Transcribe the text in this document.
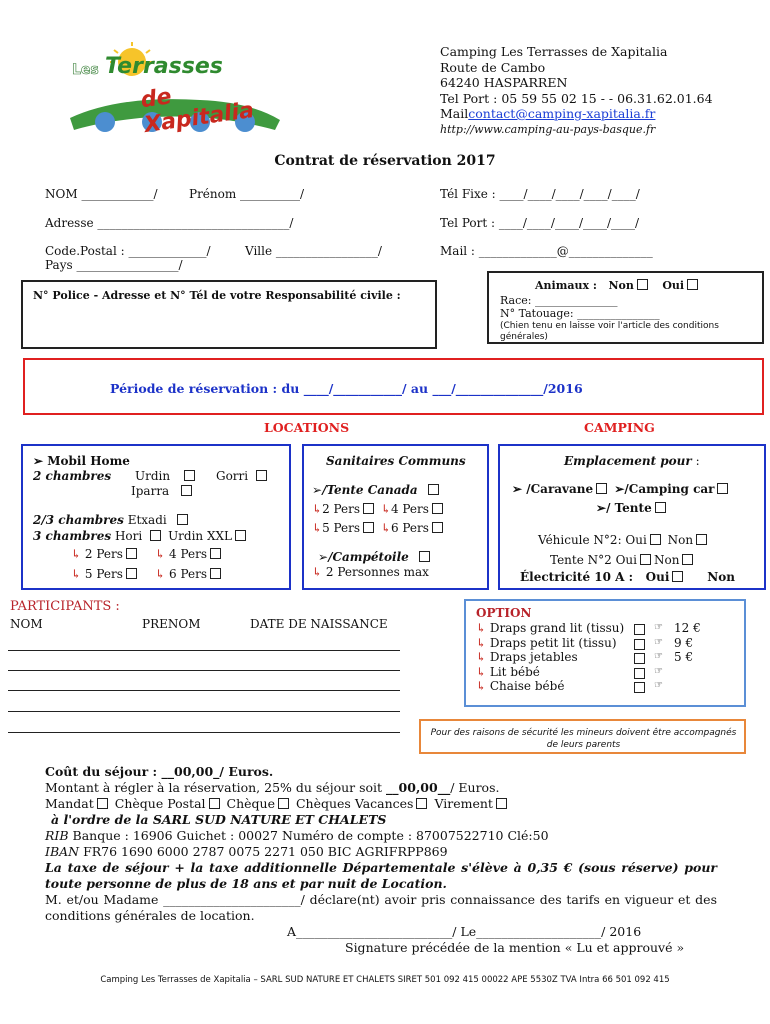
Les Terrasses
de Xapitalia
Camping Les Terrasses de Xapitalia
Route de Cambo
64240 HASPARREN
Tel Port : 05 59 55 02 15 - - 06.31.62.01.64
Mailcontact@camping-xapitalia.fr
http://www.camping-au-pays-basque.fr
Contrat de réservation 2017
NOM ____________/	Prénom __________/
Adresse ________________________________/
Code.Postal : _____________/	Ville _________________/
Pays _________________/
Tél Fixe : ____/____/____/____/____/
Tel Port : ____/____/____/____/____/
Mail : _____________@______________
N° Police - Adresse et N° Tél de votre Responsabilité civile :
Animaux : Non	Oui
Race: _______________
N° Tatouage: _______________
(Chien tenu en laisse voir l'article des conditions générales)
Période de réservation : du ____/___________/ au ___/______________/2016
LOCATIONS	CAMPING
➢ Mobil Home
2 chambres Urdin	Gorri
Iparra
2/3 chambres Etxadi
3 chambres Hori Urdin XXL
↳ 2 Pers	↳ 4 Pers
↳ 5 Pers	↳ 6 Pers
Sanitaires Communs
➢/Tente Canada
↳2 Pers ↳4 Pers
↳5 Pers ↳6 Pers
➢/Campétoile
↳ 2 Personnes max
Emplacement pour :
➢ /Caravane ➢/Camping car
➢/ Tente
Véhicule N°2: Oui Non
Tente N°2 Oui Non
Électricité 10 A : Oui	Non
PARTICIPANTS :
NOM	PRENOM	DATE DE NAISSANCE
OPTION
↳ Draps grand lit (tissu)	☞ 12 €
↳ Draps petit lit (tissu)	☞ 9 €
↳ Draps jetables	☞ 5 €
↳ Lit bébé	☞
↳ Chaise bébé	☞
Pour des raisons de sécurité les mineurs doivent être accompagnés de leurs parents
Coût du séjour : __00,00_/ Euros.
Montant à régler à la réservation, 25% du séjour soit __00,00__/ Euros.
Mandat Chèque Postal Chèque Chèques Vacances Virement
à l'ordre de la SARL SUD NATURE ET CHALETS
RIB Banque : 16906 Guichet : 00027 Numéro de compte : 87007522710 Clé:50
IBAN FR76 1690 6000 2787 0075 2271 050 BIC AGRIFRPP869
La taxe de séjour + la taxe additionnelle Départementale s'élève à 0,35 € (sous réserve) pour toute personne de plus de 18 ans et par nuit de Location.
M. et/ou Madame ______________________/ déclare(nt) avoir pris connaissance des tarifs en vigueur et des conditions générales de location.
A_________________________/ Le____________________/ 2016
Signature précédée de la mention « Lu et approuvé »
Camping Les Terrasses de Xapitalia – SARL SUD NATURE ET CHALETS SIRET 501 092 415 00022 APE 5530Z TVA Intra 66 501 092 415
